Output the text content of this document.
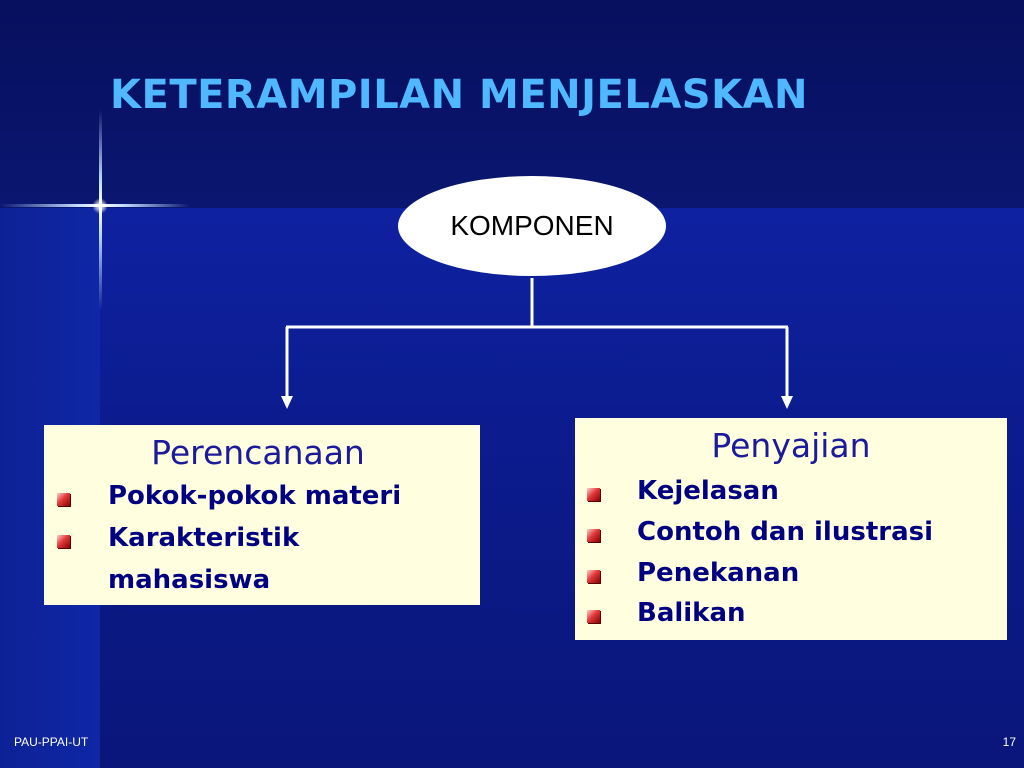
KETERAMPILAN MENJELASKAN
KOMPONEN
Perencanaan
Pokok-pokok materi
Karakteristik
mahasiswa
Penyajian
Kejelasan
Contoh dan ilustrasi
Penekanan
Balikan
PAU-PPAI-UT	17
